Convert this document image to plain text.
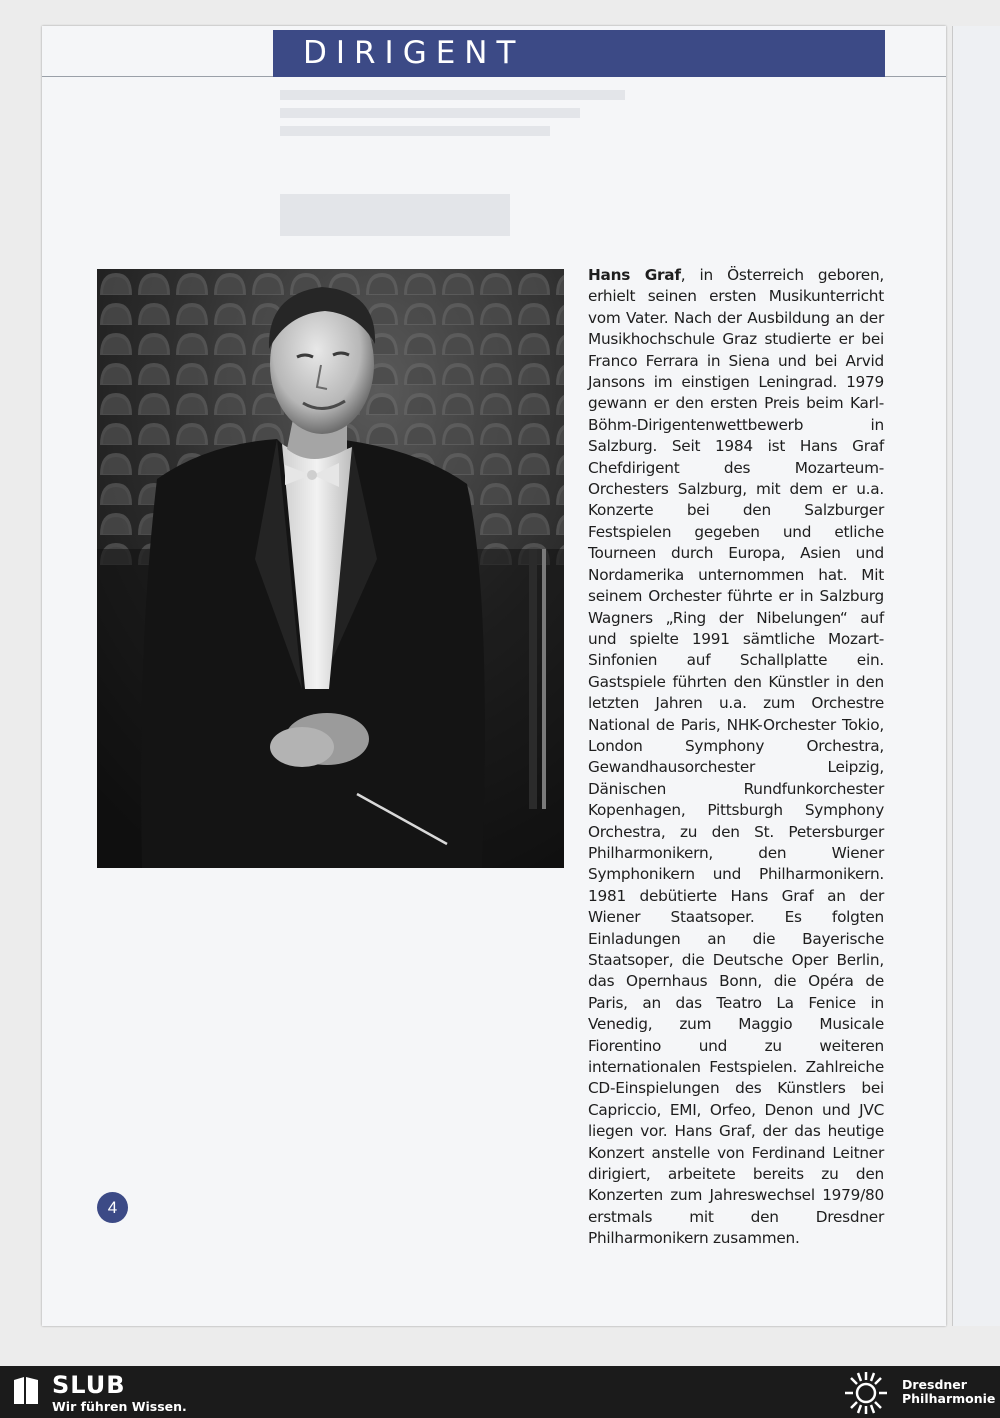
DIRIGENT
Hans Graf, in Österreich geboren, erhielt seinen ersten Musikunterricht vom Vater. Nach der Ausbildung an der Musikhochschule Graz studierte er bei Franco Ferrara in Siena und bei Arvid Jansons im einstigen Leningrad. 1979 gewann er den ersten Preis beim Karl-Böhm-Dirigentenwettbewerb in Salzburg. Seit 1984 ist Hans Graf Chefdirigent des Mozarteum-Orchesters Salzburg, mit dem er u.a. Konzerte bei den Salzburger Festspielen gegeben und etliche Tourneen durch Europa, Asien und Nordamerika unternommen hat. Mit seinem Orchester führte er in Salzburg Wagners „Ring der Nibelungen“ auf und spielte 1991 sämtliche Mozart-Sinfonien auf Schallplatte ein. Gastspiele führten den Künstler in den letzten Jahren u.a. zum Orchestre National de Paris, NHK-Orchester Tokio, London Symphony Orchestra, Gewandhausorchester Leipzig, Dänischen Rundfunkorchester Kopenhagen, Pittsburgh Symphony Orchestra, zu den St. Petersburger Philharmonikern, den Wiener Symphonikern und Philharmonikern. 1981 debütierte Hans Graf an der Wiener Staatsoper. Es folgten Einladungen an die Bayerische Staatsoper, die Deutsche Oper Berlin, das Opernhaus Bonn, die Opéra de Paris, an das Teatro La Fenice in Venedig, zum Maggio Musicale Fiorentino und zu weiteren internationalen Festspielen. Zahlreiche CD-Einspielungen des Künstlers bei Capriccio, EMI, Orfeo, Denon und JVC liegen vor. Hans Graf, der das heutige Konzert anstelle von Ferdinand Leitner dirigiert, arbeitete bereits zu den Konzerten zum Jahreswechsel 1979/80 erstmals mit den Dresdner Philharmonikern zusammen.
4
SLUB
Wir führen Wissen.
Dresdner
Philharmonie
